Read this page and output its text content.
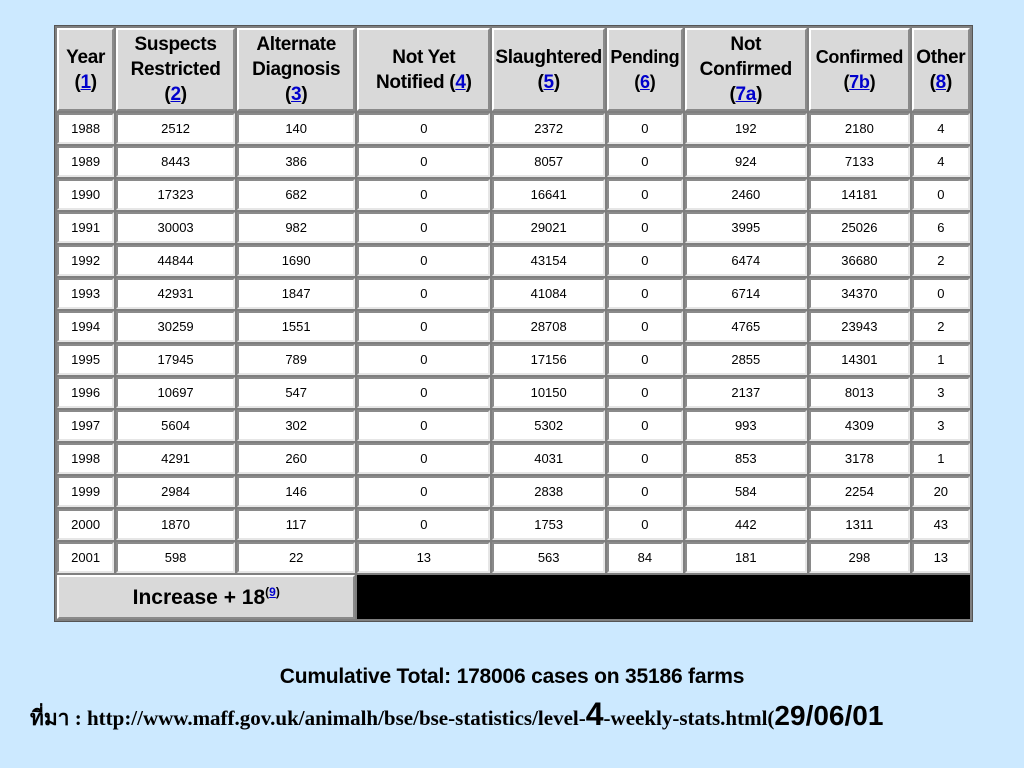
Year (1)	Suspects Restricted (2)	Alternate Diagnosis (3)	Not Yet Notified (4)	Slaughtered (5)	Pending (6)	Not Confirmed (7a)	Confirmed (7b)	Other (8)
1988	2512	140	0	2372	0	192	2180	4
1989	8443	386	0	8057	0	924	7133	4
1990	17323	682	0	16641	0	2460	14181	0
1991	30003	982	0	29021	0	3995	25026	6
1992	44844	1690	0	43154	0	6474	36680	2
1993	42931	1847	0	41084	0	6714	34370	0
1994	30259	1551	0	28708	0	4765	23943	2
1995	17945	789	0	17156	0	2855	14301	1
1996	10697	547	0	10150	0	2137	8013	3
1997	5604	302	0	5302	0	993	4309	3
1998	4291	260	0	4031	0	853	3178	1
1999	2984	146	0	2838	0	584	2254	20
2000	1870	117	0	1753	0	442	1311	43
2001	598	22	13	563	84	181	298	13
Increase + 18$^{(9)}$	
Cumulative Total: 178006 cases on 35186 farms
ที่มา : http://www.maff.gov.uk/animalh/bse/bse-statistics/level-4-weekly-stats.html(29/06/01
